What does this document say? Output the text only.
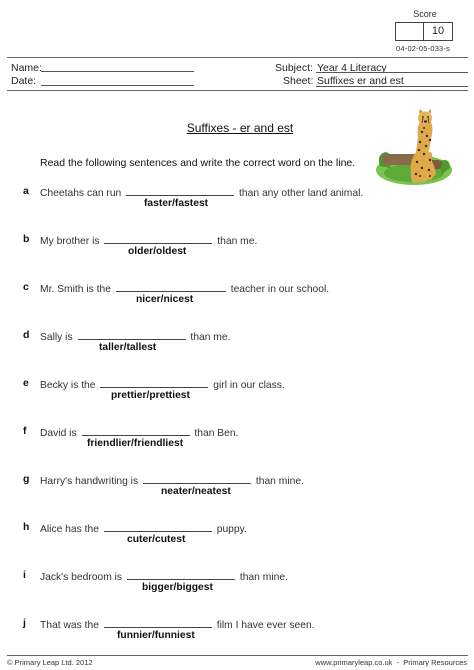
Score
10
04-02-05-033-s
Name:
Date:
Subject: Year 4 Literacy
Sheet: Suffixes er and est
Suffixes - er and est
Read the following sentences and write the correct word on the line.
a Cheetahs can run	than any other land animal.
faster/fastest
b My brother is	than me.
older/oldest
c Mr. Smith is the	teacher in our school.
nicer/nicest
d Sally is	than me.
taller/tallest
e Becky is the	girl in our class.
prettier/prettiest
f David is	than Ben.
friendlier/friendliest
g Harry's handwriting is	than mine.
neater/neatest
h Alice has the	puppy.
cuter/cutest
i Jack's bedroom is	than mine.
bigger/biggest
j That was the	film I have ever seen.
funnier/funniest
© Primary Leap Ltd. 2012	www.primaryleap.co.uk  -  Primary Resources
